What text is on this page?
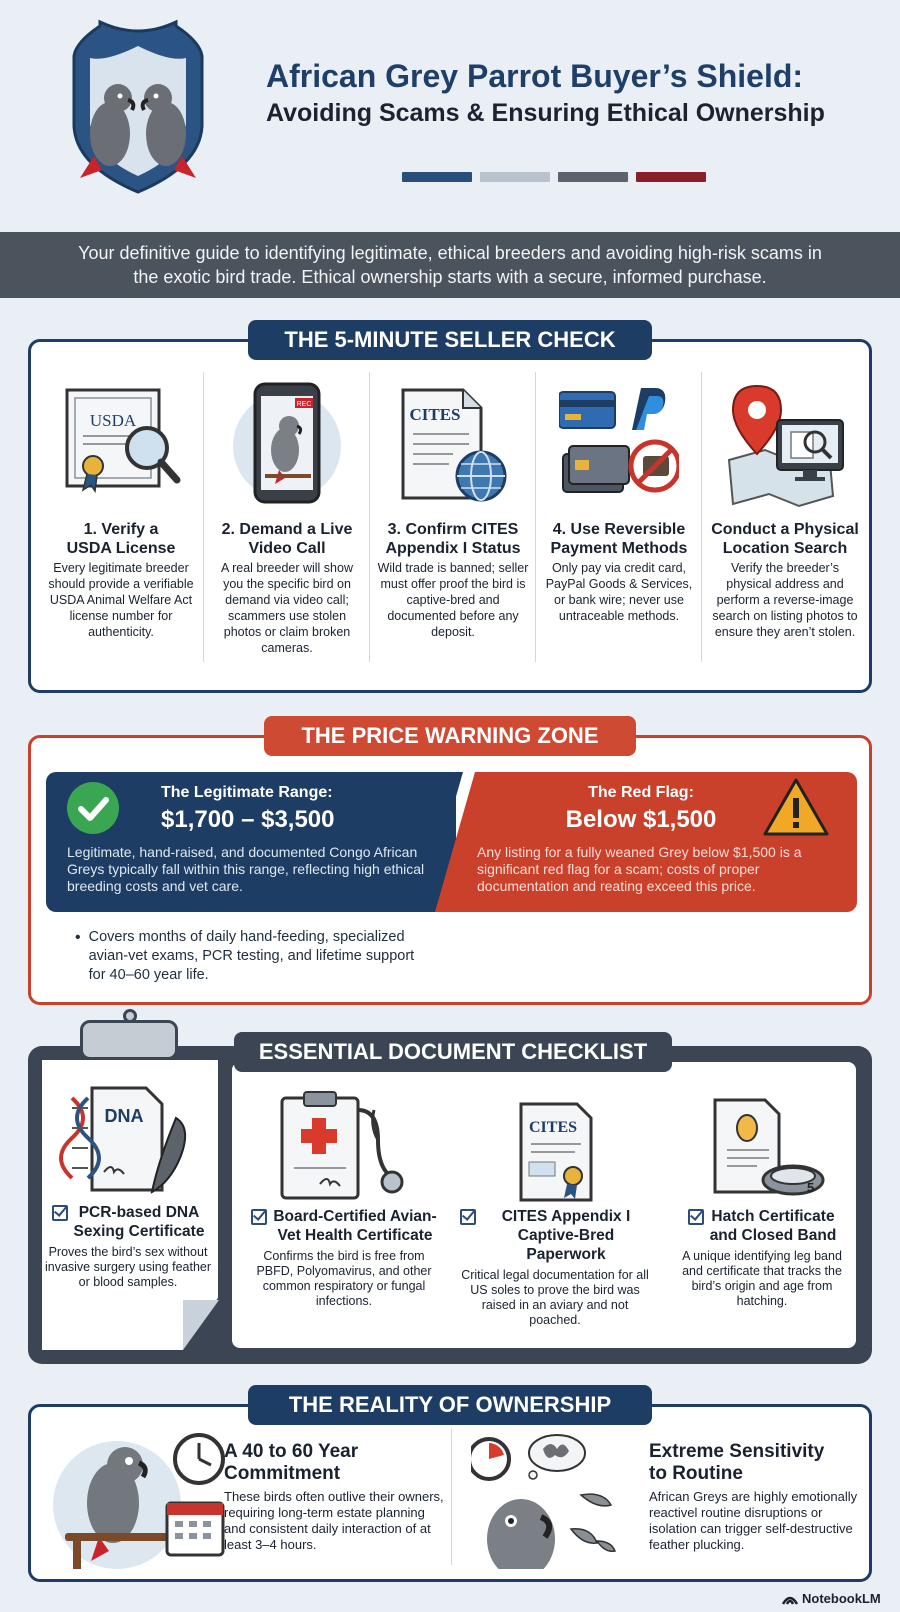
African Grey Parrot Buyer’s Shield:
Avoiding Scams & Ensuring Ethical Ownership
Your definitive guide to identifying legitimate, ethical breeders and avoiding high-risk scams in
the exotic bird trade. Ethical ownership starts with a secure, informed purchase.
USDA
1. Verify a
USDA License

Every legitimate breeder should provide a verifiable USDA Animal Welfare Act license number for authenticity.

REC
2. Demand a Live
Video Call

A real breeder will show you the specific bird on demand via video call; scammers use stolen photos or claim broken cameras.

CITES
3. Confirm CITES
Appendix I Status

Wild trade is banned; seller must offer proof the bird is captive-bred and documented before any deposit.

4. Use Reversible
Payment Methods

Only pay via credit card, PayPal Goods & Services, or bank wire; never use untraceable methods.

Conduct a Physical
Location Search

Verify the breeder’s physical address and perform a reverse-image search on listing photos to ensure they aren’t stolen.

THE 5-MINUTE SELLER CHECK
The Legitimate Range:
$1,700 – $3,500
Legitimate, hand-raised, and documented Congo African Greys typically fall within this range, reflecting high ethical breeding costs and vet care.
The Red Flag:
Below $1,500
Any listing for a fully weaned Grey below $1,500 is a significant red flag for a scam; costs of proper documentation and reating exceed this price.
• Covers months of daily hand-feeding, specialized avian-vet exams, PCR testing, and lifetime support for 40–60 year life.
THE PRICE WARNING ZONE
DNA
PCR-based DNA
Sexing Certificate

Proves the bird’s sex without invasive surgery using feather or blood samples.

Board-Certified Avian-
Vet Health Certificate

Confirms the bird is free from PBFD, Polyomavirus, and other common respiratory or fungal infections.

CITES
CITES Appendix I
Captive-Bred Paperwork

Critical legal documentation for all US soles to prove the bird was raised in an aviary and not poached.

5
Hatch Certificate
and Closed Band

A unique identifying leg band and certificate that tracks the bird’s origin and age from hatching.

ESSENTIAL DOCUMENT CHECKLIST
A 40 to 60 Year
Commitment
These birds often outlive their owners, requiring long-term estate planning and consistent daily interaction of at least 3–4 hours.
Extreme Sensitivity
to Routine
African Greys are highly emotionally reactivel routine disruptions or isolation can trigger self-destructive feather plucking.
THE REALITY OF OWNERSHIP
NotebookLM
